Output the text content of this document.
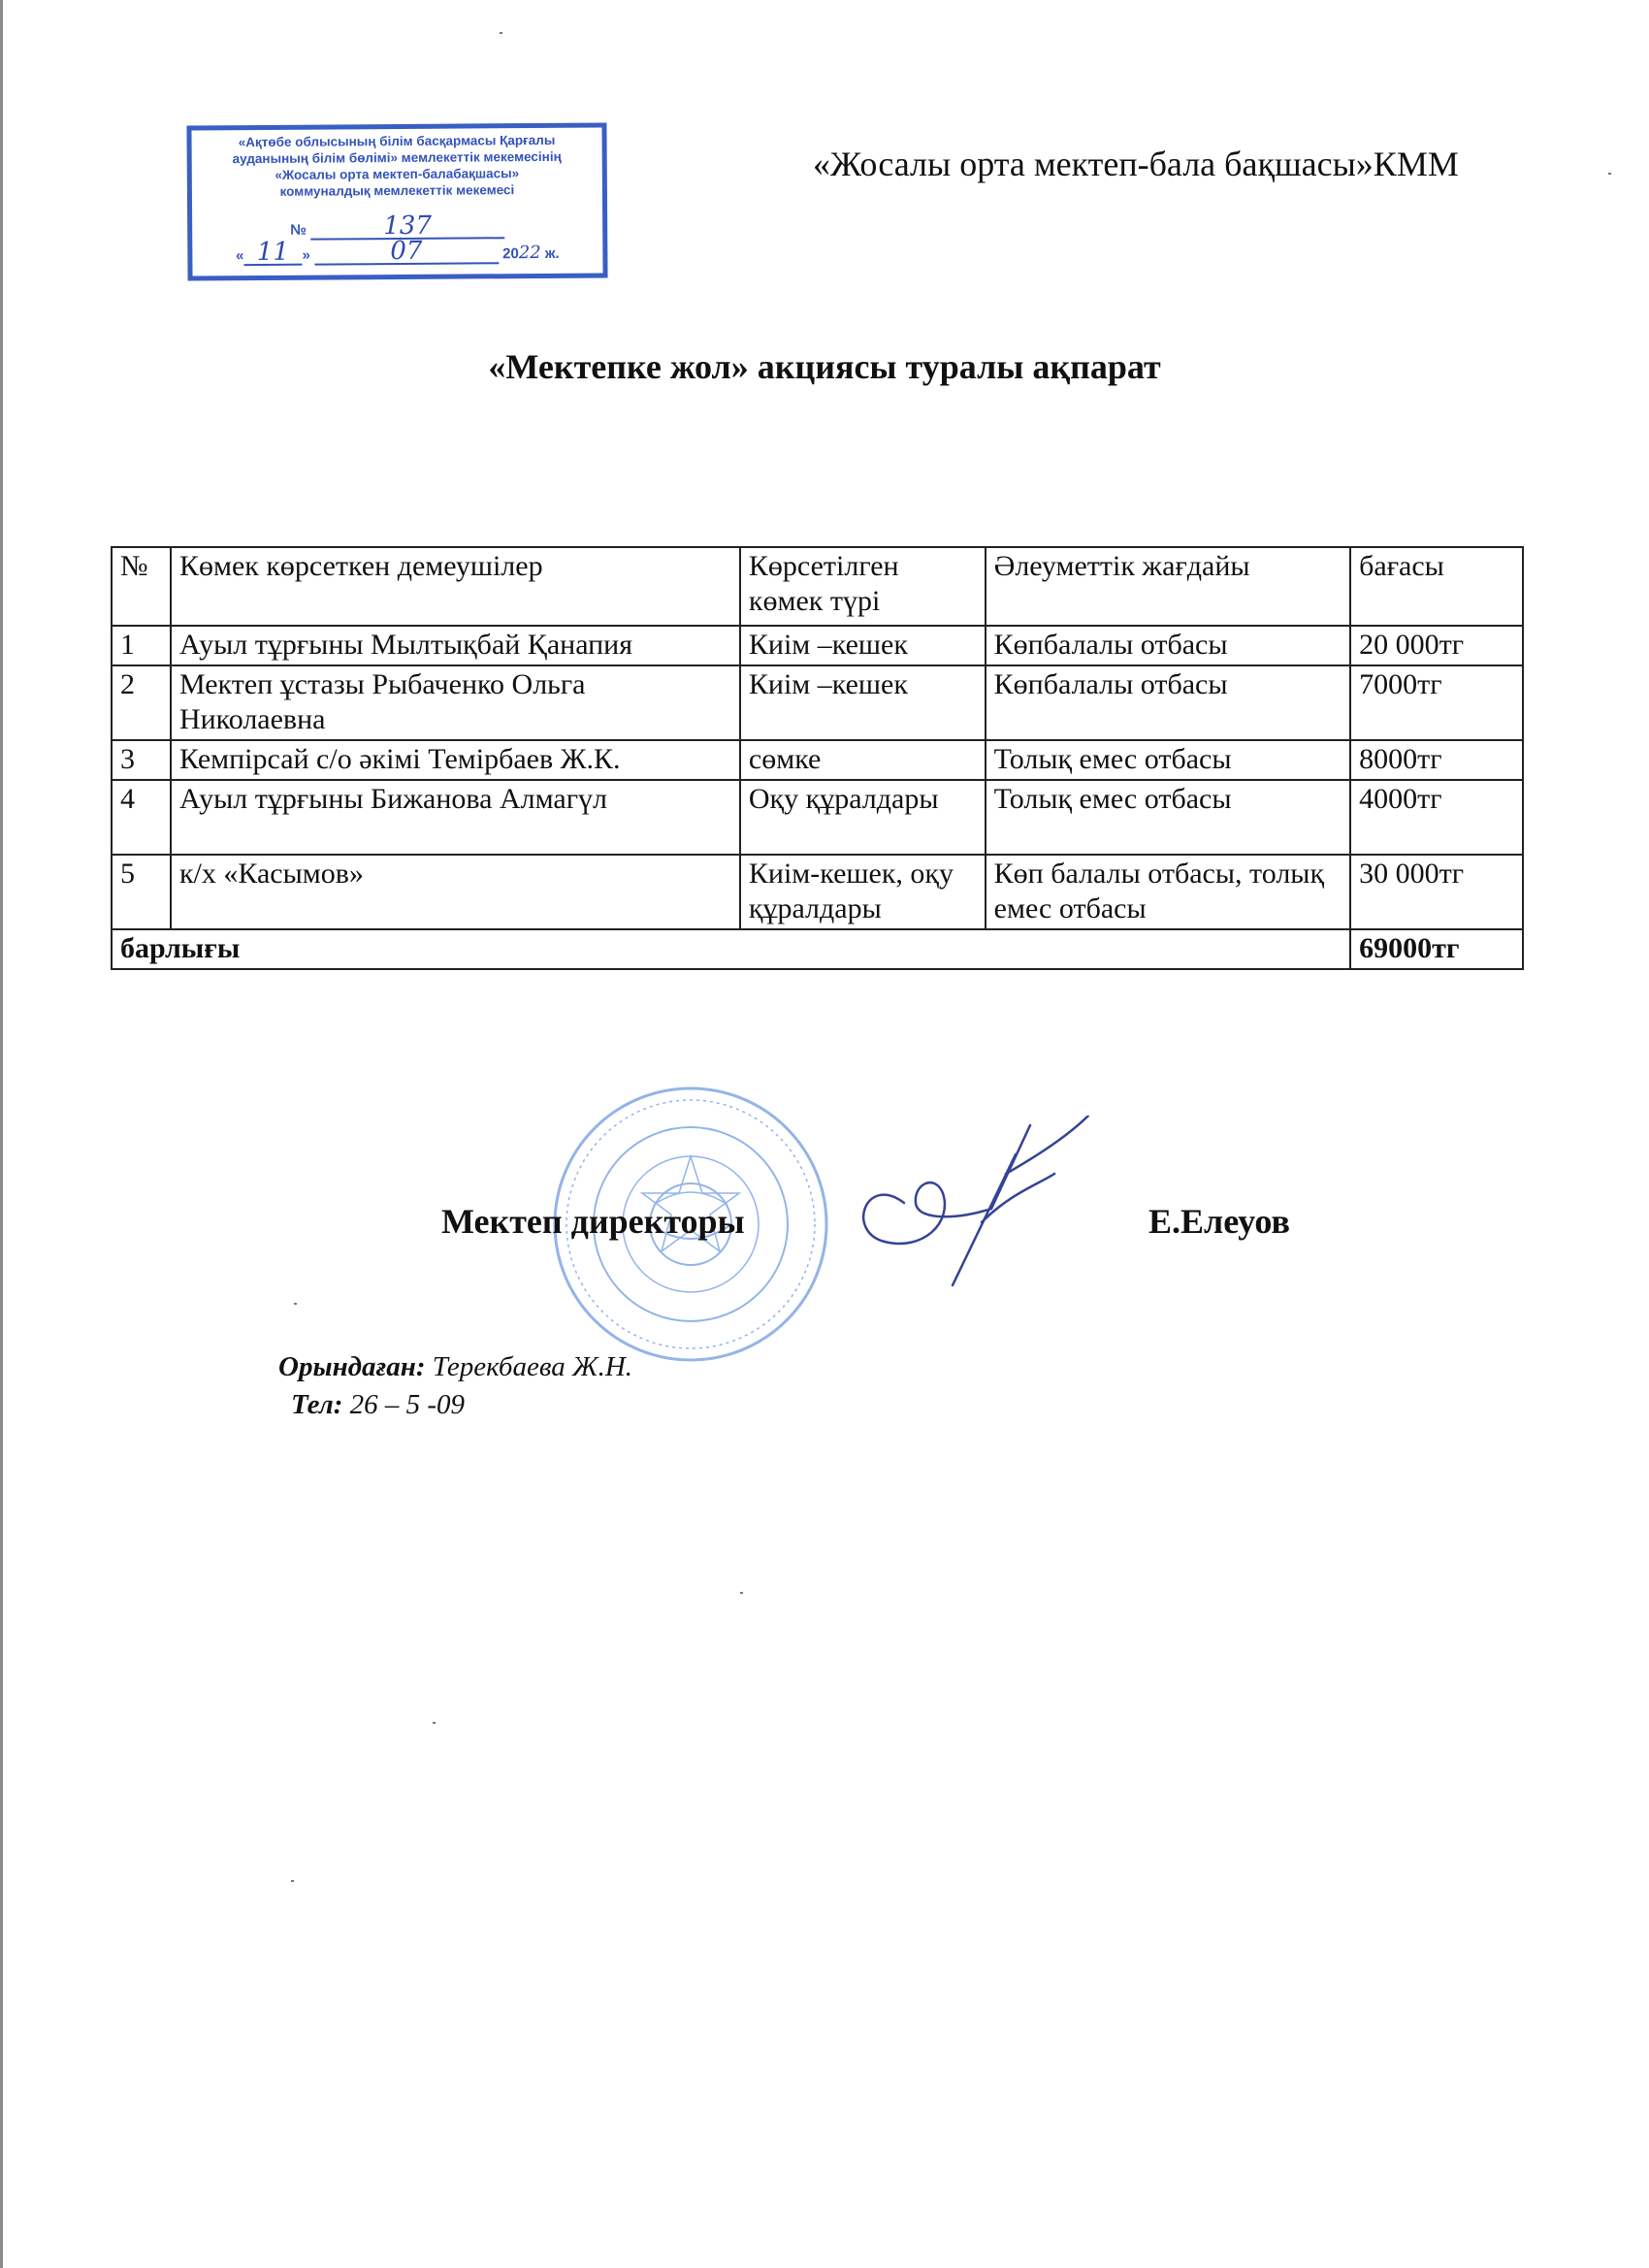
«Ақтөбе облысының білім басқармасы Қарғалы
ауданының білім бөлімі» мемлекеттік мекемесінің
«Жосалы орта мектеп-балабақшасы»
коммуналдық мемлекеттік мекемесі
№	137
« 11 »	07	2022 ж.
«Жосалы орта мектеп-бала бақшасы»КММ
«Мектепке жол» акциясы туралы ақпарат
№	Көмек көрсеткен демеушілер	Көрсетілген көмек түрі	Әлеуметтік жағдайы	бағасы
1	Ауыл тұрғыны Мылтықбай Қанапия	Киім –кешек	Көпбалалы отбасы	20 000тг
2	Мектеп ұстазы Рыбаченко Ольга Николаевна	Киім –кешек	Көпбалалы отбасы	7000тг
3	Кемпірсай с/о әкімі Темірбаев Ж.К.	сөмке	Толық емес отбасы	8000тг
4	Ауыл тұрғыны Бижанова Алмагүл	Оқу құралдары	Толық емес отбасы	4000тг
5	к/х «Касымов»	Киім-кешек, оқу құралдары	Көп балалы отбасы, толық емес отбасы	30 000тг
барлығы				69000тг
Мектеп директоры	Е.Елеуов
Орындаған: Терекбаева Ж.Н.
Тел: 26 – 5 -09
